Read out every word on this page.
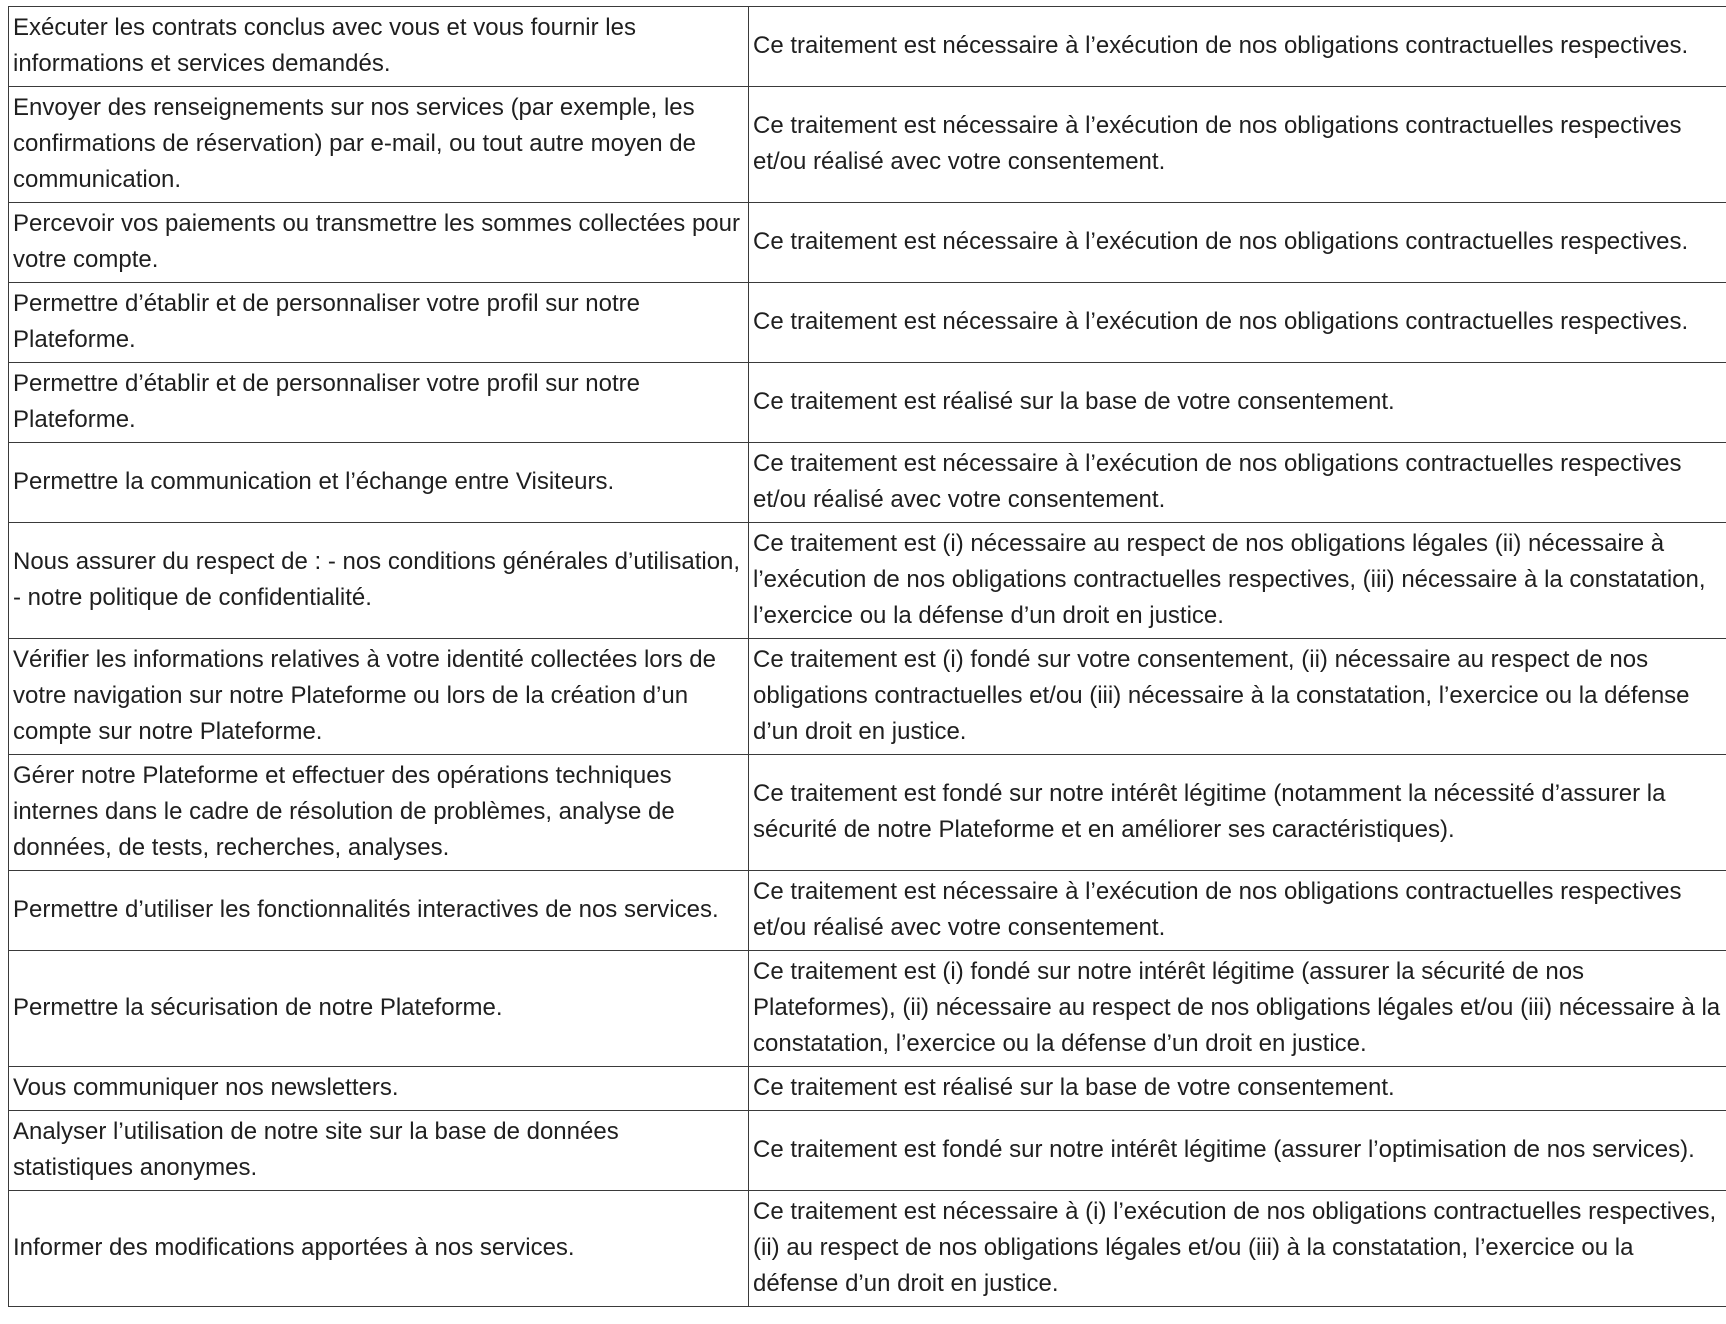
Exécuter les contrats conclus avec vous et vous fournir les informations et services demandés.	Ce traitement est nécessaire à l’exécution de nos obligations contractuelles respectives.
Envoyer des renseignements sur nos services (par exemple, les confirmations de réservation) par e-mail, ou tout autre moyen de communication.	Ce traitement est nécessaire à l’exécution de nos obligations contractuelles respectives et/ou réalisé avec votre consentement.
Percevoir vos paiements ou transmettre les sommes collectées pour votre compte.	Ce traitement est nécessaire à l’exécution de nos obligations contractuelles respectives.
Permettre d’établir et de personnaliser votre profil sur notre Plateforme.	Ce traitement est nécessaire à l’exécution de nos obligations contractuelles respectives.
Permettre d’établir et de personnaliser votre profil sur notre Plateforme.	Ce traitement est réalisé sur la base de votre consentement.
Permettre la communication et l’échange entre Visiteurs.	Ce traitement est nécessaire à l’exécution de nos obligations contractuelles respectives et/ou réalisé avec votre consentement.
Nous assurer du respect de : - nos conditions générales d’utilisation, - notre politique de confidentialité.	Ce traitement est (i) nécessaire au respect de nos obligations légales (ii) nécessaire à l’exécution de nos obligations contractuelles respectives, (iii) nécessaire à la constatation, l’exercice ou la défense d’un droit en justice.
Vérifier les informations relatives à votre identité collectées lors de votre navigation sur notre Plateforme ou lors de la création d’un compte sur notre Plateforme.	Ce traitement est (i) fondé sur votre consentement, (ii) nécessaire au respect de nos obligations contractuelles et/ou (iii) nécessaire à la constatation, l’exercice ou la défense d’un droit en justice.
Gérer notre Plateforme et effectuer des opérations techniques internes dans le cadre de résolution de problèmes, analyse de données, de tests, recherches, analyses.	Ce traitement est fondé sur notre intérêt légitime (notamment la nécessité d’assurer la sécurité de notre Plateforme et en améliorer ses caractéristiques).
Permettre d’utiliser les fonctionnalités interactives de nos services.	Ce traitement est nécessaire à l’exécution de nos obligations contractuelles respectives et/ou réalisé avec votre consentement.
Permettre la sécurisation de notre Plateforme.	Ce traitement est (i) fondé sur notre intérêt légitime (assurer la sécurité de nos Plateformes), (ii) nécessaire au respect de nos obligations légales et/ou (iii) nécessaire à la constatation, l’exercice ou la défense d’un droit en justice.
Vous communiquer nos newsletters.	Ce traitement est réalisé sur la base de votre consentement.
Analyser l’utilisation de notre site sur la base de données statistiques anonymes.	Ce traitement est fondé sur notre intérêt légitime (assurer l’optimisation de nos services).
Informer des modifications apportées à nos services.	Ce traitement est nécessaire à (i) l’exécution de nos obligations contractuelles respectives, (ii) au respect de nos obligations légales et/ou (iii) à la constatation, l’exercice ou la défense d’un droit en justice.
